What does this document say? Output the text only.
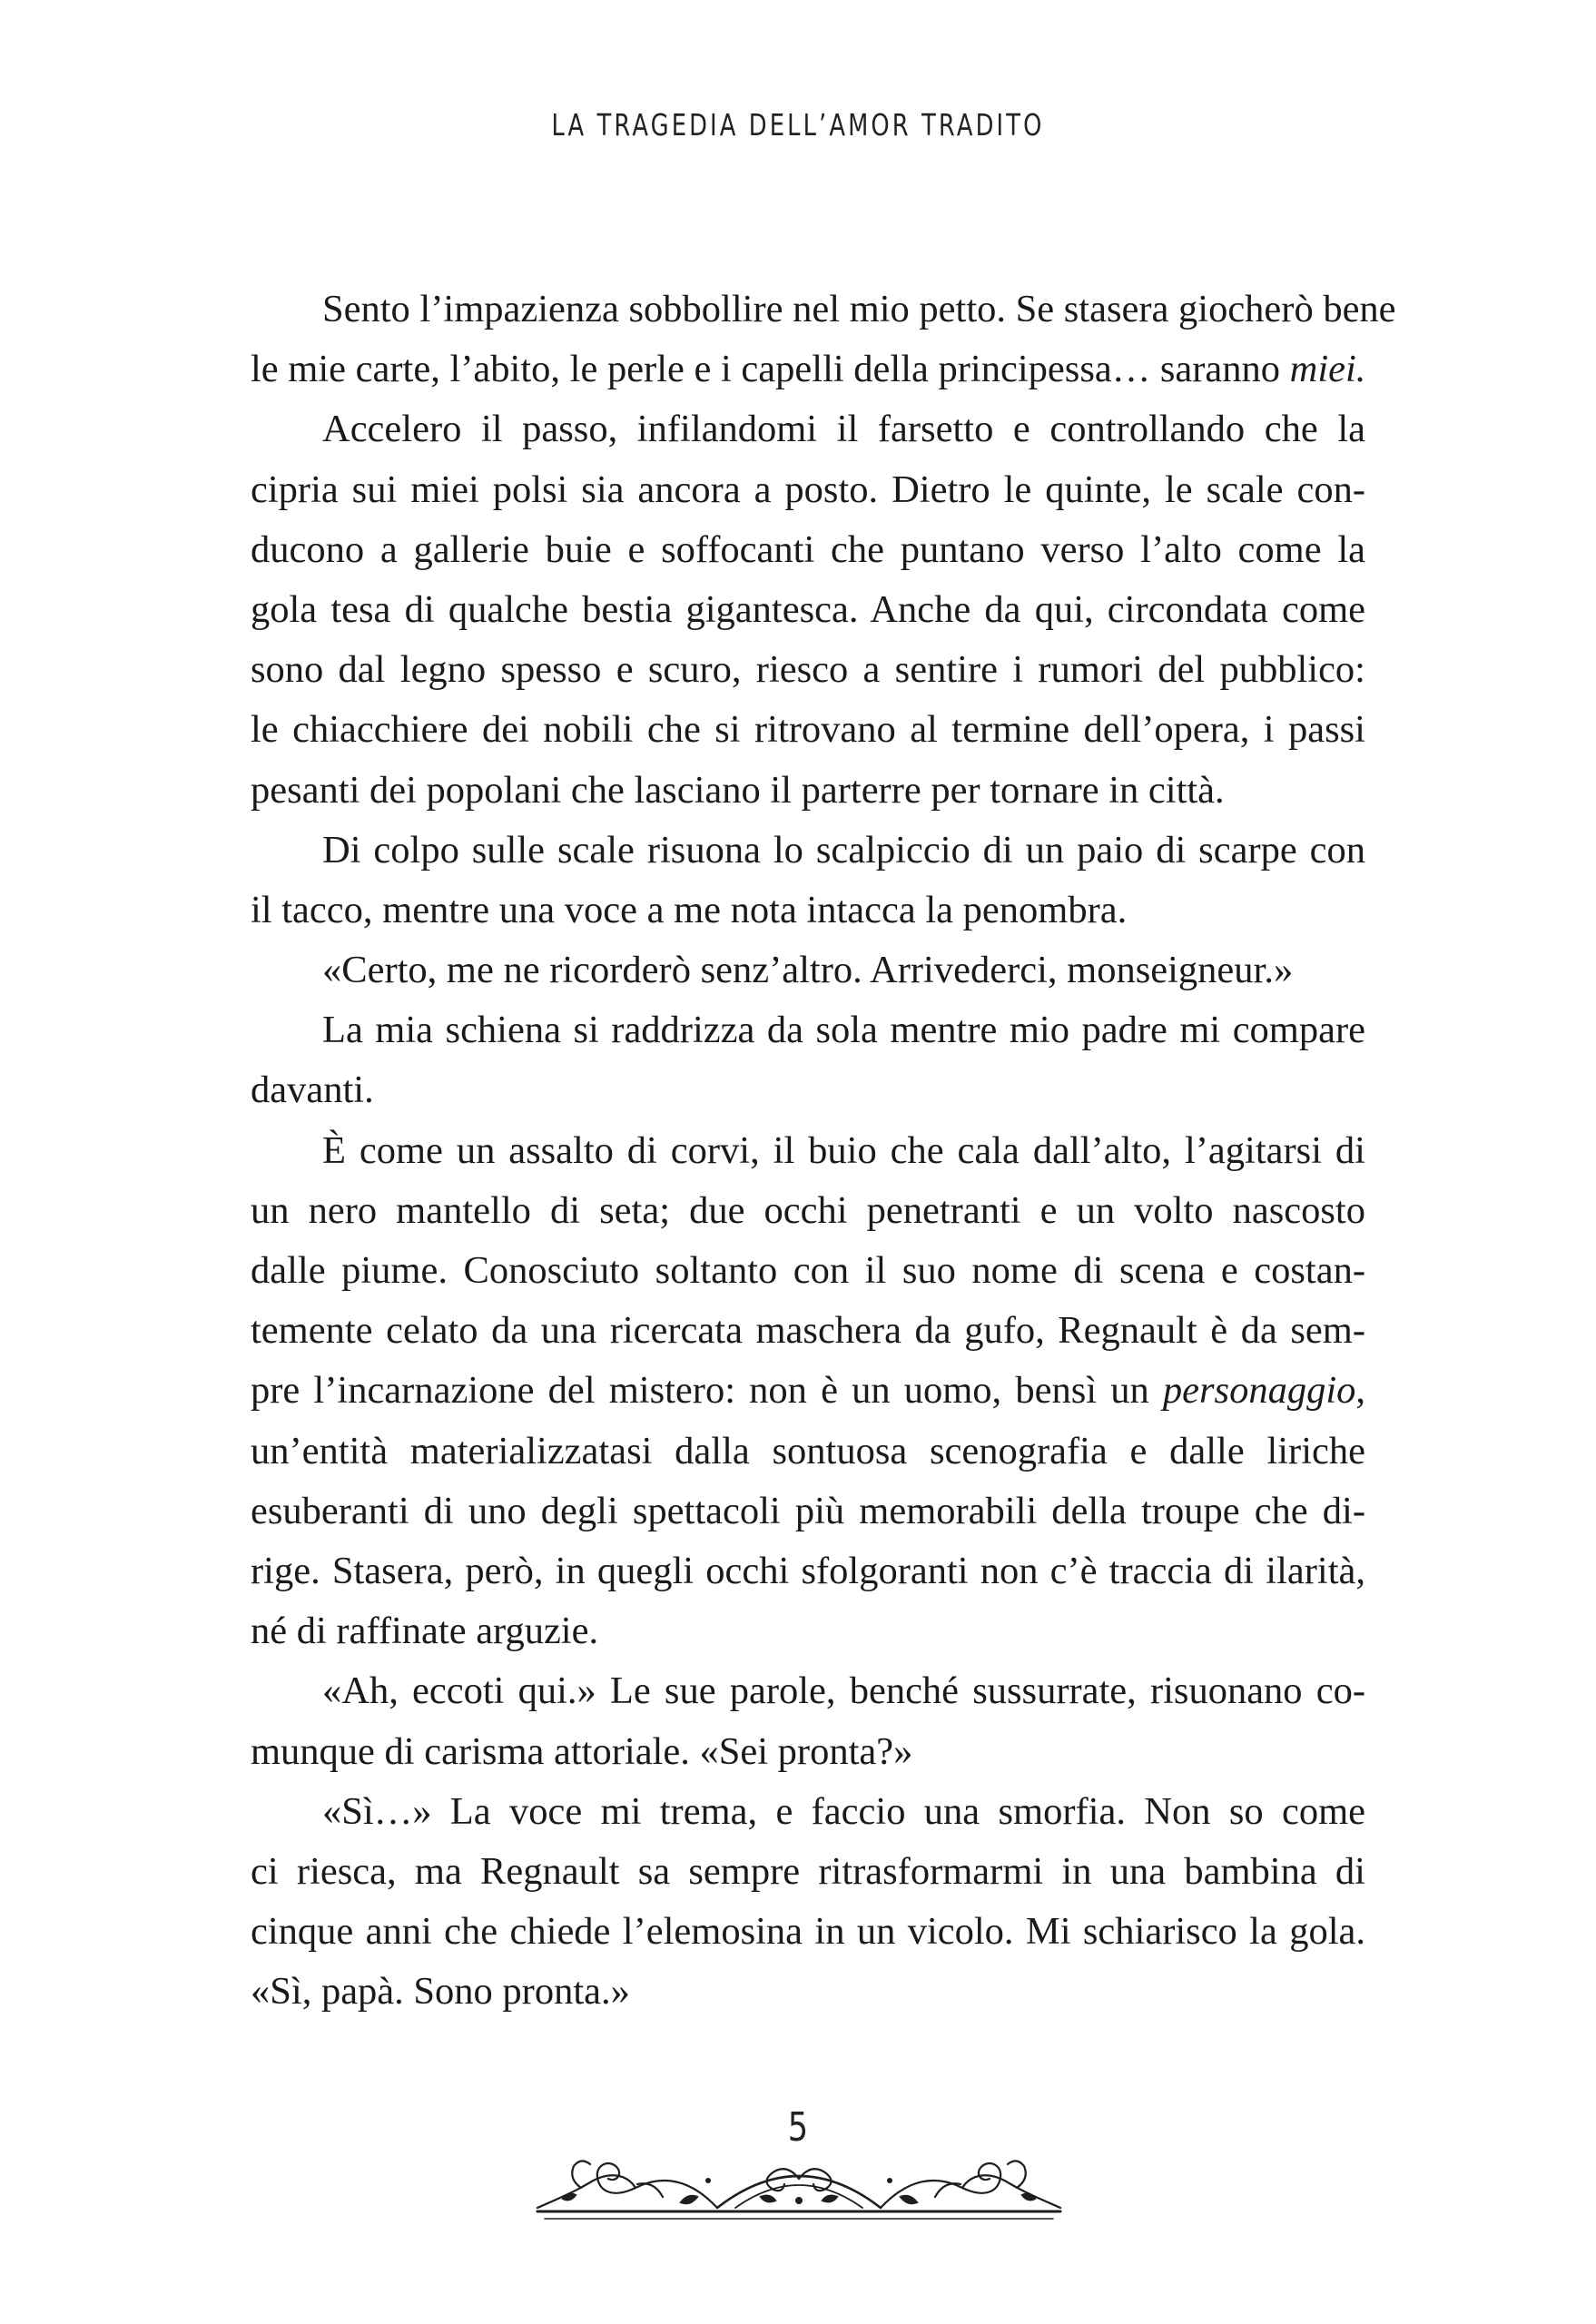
LA TRAGEDIA DELL’AMOR TRADITO
Sento l’impazienza sobbollire nel mio petto. Se stasera giocherò bene
le mie carte, l’abito, le perle e i capelli della principessa… saranno miei.
Accelero il passo, infilandomi il farsetto e controllando che la
cipria sui miei polsi sia ancora a posto. Dietro le quinte, le scale con-
ducono a gallerie buie e soffocanti che puntano verso l’alto come la
gola tesa di qualche bestia gigantesca. Anche da qui, circondata come
sono dal legno spesso e scuro, riesco a sentire i rumori del pubblico:
le chiacchiere dei nobili che si ritrovano al termine dell’opera, i passi
pesanti dei popolani che lasciano il parterre per tornare in città.
Di colpo sulle scale risuona lo scalpiccio di un paio di scarpe con
il tacco, mentre una voce a me nota intacca la penombra.
«Certo, me ne ricorderò senz’altro. Arrivederci, monseigneur.»
La mia schiena si raddrizza da sola mentre mio padre mi compare
davanti.
È come un assalto di corvi, il buio che cala dall’alto, l’agitarsi di
un nero mantello di seta; due occhi penetranti e un volto nascosto
dalle piume. Conosciuto soltanto con il suo nome di scena e costan-
temente celato da una ricercata maschera da gufo, Regnault è da sem-
pre l’incarnazione del mistero: non è un uomo, bensì un personaggio,
un’entità materializzatasi dalla sontuosa scenografia e dalle liriche
esuberanti di uno degli spettacoli più memorabili della troupe che di-
rige. Stasera, però, in quegli occhi sfolgoranti non c’è traccia di ilarità,
né di raffinate arguzie.
«Ah, eccoti qui.» Le sue parole, benché sussurrate, risuonano co-
munque di carisma attoriale. «Sei pronta?»
«Sì…» La voce mi trema, e faccio una smorfia. Non so come
ci riesca, ma Regnault sa sempre ritrasformarmi in una bambina di
cinque anni che chiede l’elemosina in un vicolo. Mi schiarisco la gola.
«Sì, papà. Sono pronta.»
5
